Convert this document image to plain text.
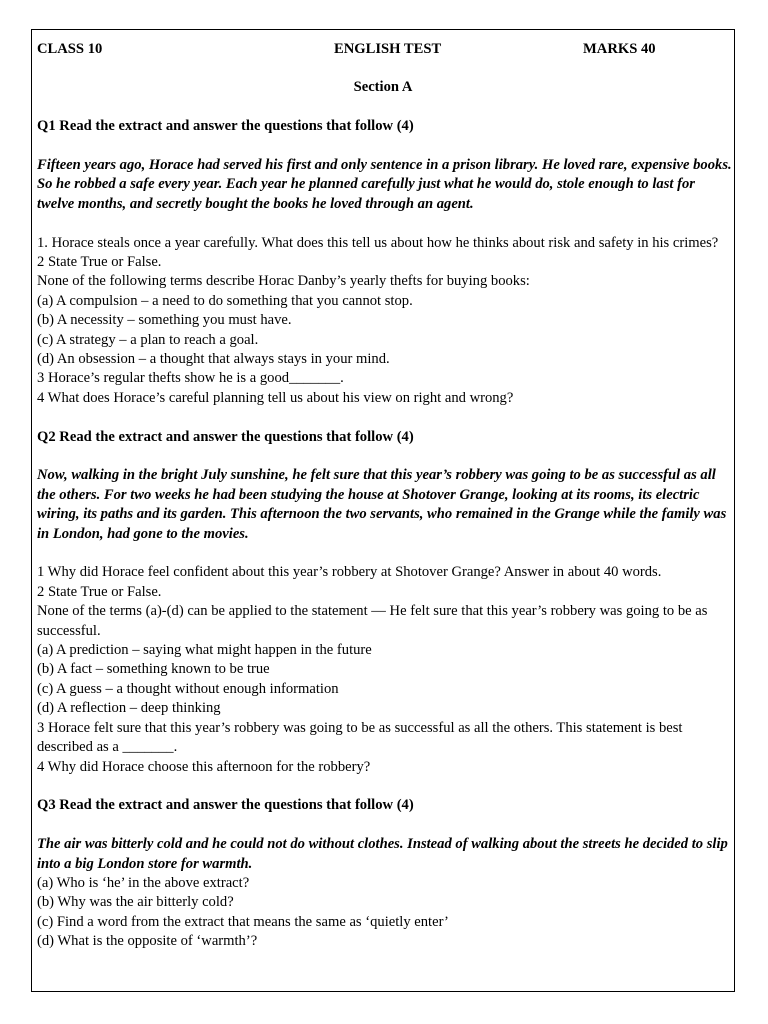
CLASS 10	ENGLISH TEST	MARKS 40
Section A
Q1 Read the extract and answer the questions that follow (4)
Fifteen years ago, Horace had served his first and only sentence in a prison library. He loved rare, expensive books. So he robbed a safe every year. Each year he planned carefully just what he would do, stole enough to last for twelve months, and secretly bought the books he loved through an agent.

1. Horace steals once a year carefully. What does this tell us about how he thinks about risk and safety in his crimes?

2 State True or False.

None of the following terms describe Horac Danby’s yearly thefts for buying books:

(a) A compulsion – a need to do something that you cannot stop.

(b) A necessity – something you must have.

(c) A strategy – a plan to reach a goal.

(d) An obsession – a thought that always stays in your mind.

3 Horace’s regular thefts show he is a good_______.

4 What does Horace’s careful planning tell us about his view on right and wrong?

Q2 Read the extract and answer the questions that follow (4)
Now, walking in the bright July sunshine, he felt sure that this year’s robbery was going to be as successful as all the others. For two weeks he had been studying the house at Shotover Grange, looking at its rooms, its electric wiring, its paths and its garden. This afternoon the two servants, who remained in the Grange while the family was in London, had gone to the movies.

1 Why did Horace feel confident about this year’s robbery at Shotover Grange? Answer in about 40 words.

2 State True or False.

None of the terms (a)-(d) can be applied to the statement — He felt sure that this year’s robbery was going to be as successful.

(a) A prediction – saying what might happen in the future

(b) A fact – something known to be true

(c) A guess – a thought without enough information

(d) A reflection – deep thinking

3 Horace felt sure that this year’s robbery was going to be as successful as all the others. This statement is best described as a _______.

4 Why did Horace choose this afternoon for the robbery?

Q3 Read the extract and answer the questions that follow (4)
The air was bitterly cold and he could not do without clothes. Instead of walking about the streets he decided to slip into a big London store for warmth.

(a) Who is ‘he’ in the above extract?

(b) Why was the air bitterly cold?

(c) Find a word from the extract that means the same as ‘quietly enter’

(d) What is the opposite of ‘warmth’?
